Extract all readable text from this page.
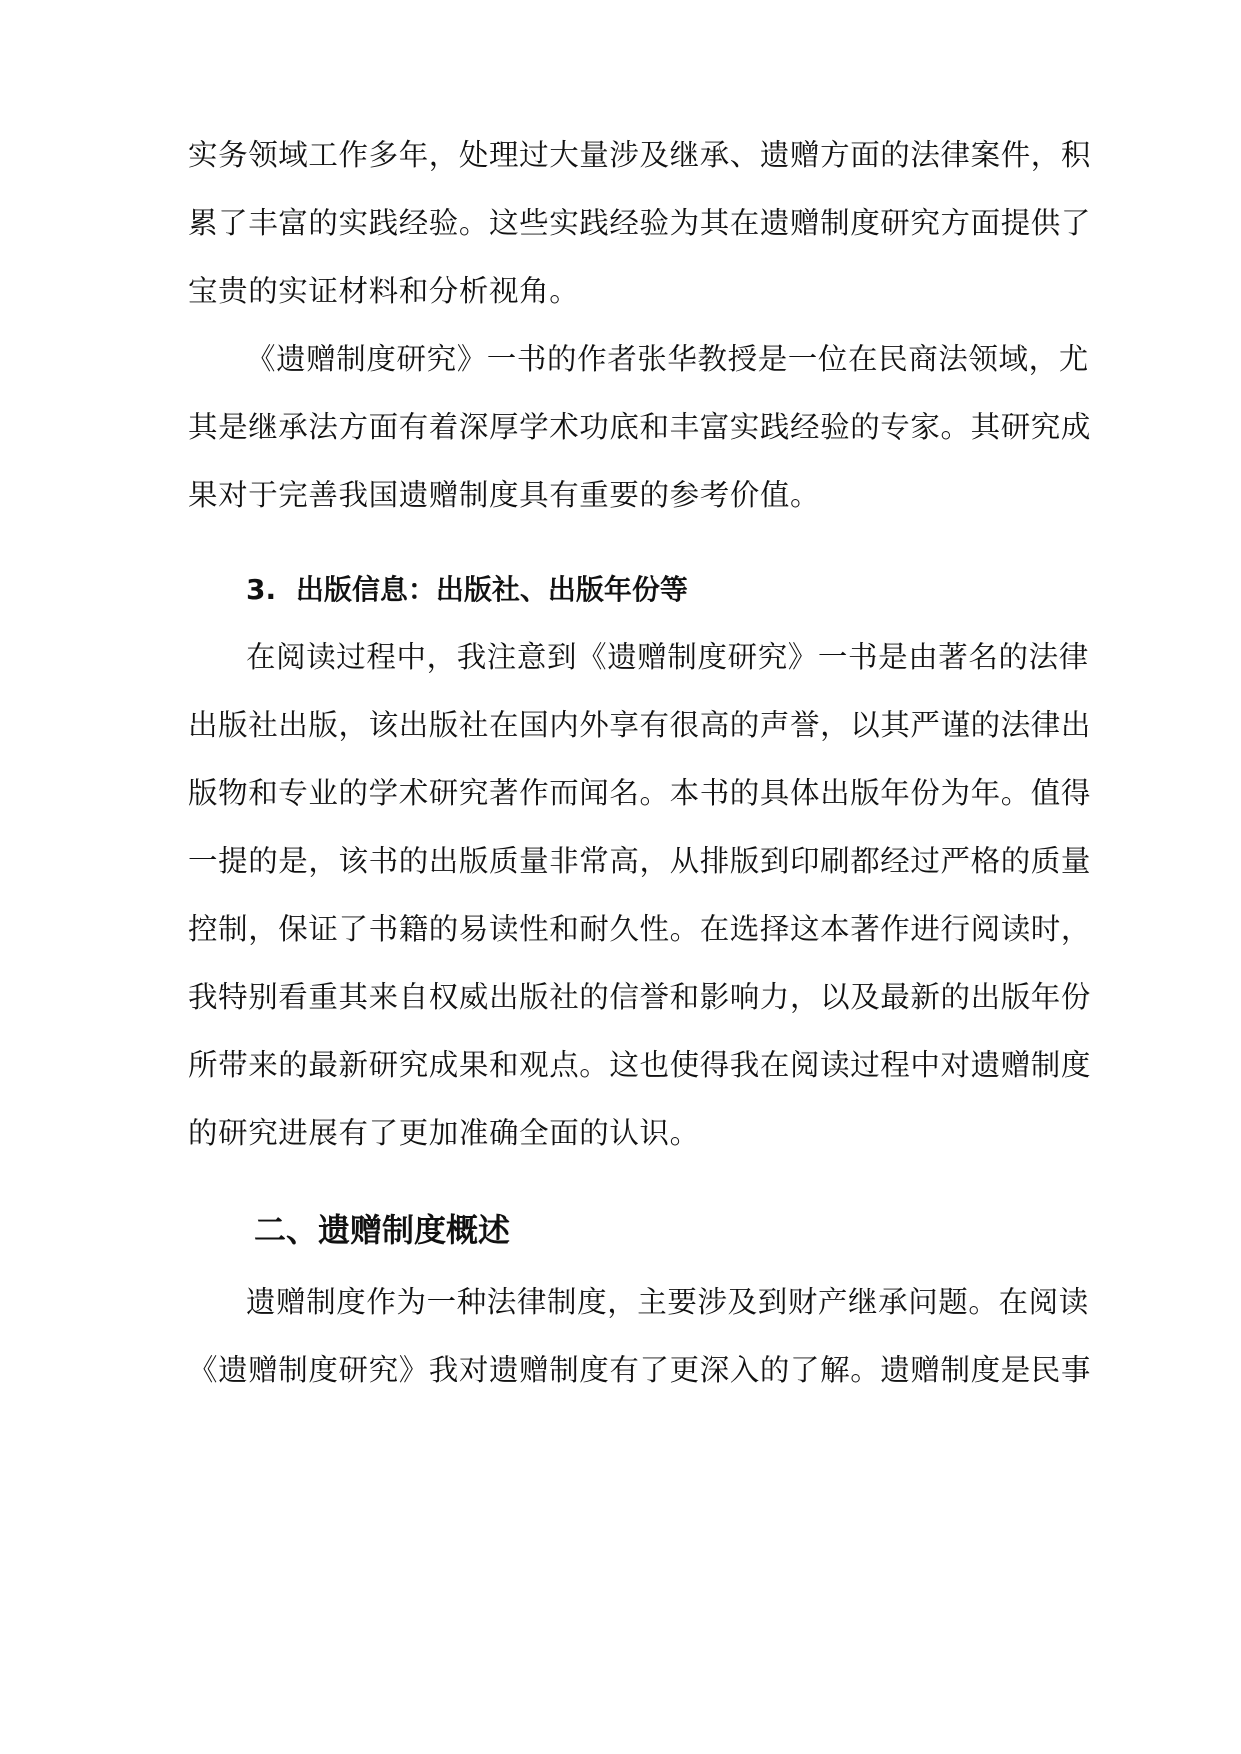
实务领域工作多年，处理过大量涉及继承、遗赠方面的法律案件，积
累了丰富的实践经验。这些实践经验为其在遗赠制度研究方面提供了
宝贵的实证材料和分析视角。
《遗赠制度研究》一书的作者张华教授是一位在民商法领域，尤
其是继承法方面有着深厚学术功底和丰富实践经验的专家。其研究成
果对于完善我国遗赠制度具有重要的参考价值。
3. 出版信息：出版社、出版年份等
在阅读过程中，我注意到《遗赠制度研究》一书是由著名的法律
出版社出版，该出版社在国内外享有很高的声誉，以其严谨的法律出
版物和专业的学术研究著作而闻名。本书的具体出版年份为年。值得
一提的是，该书的出版质量非常高，从排版到印刷都经过严格的质量
控制，保证了书籍的易读性和耐久性。在选择这本著作进行阅读时，
我特别看重其来自权威出版社的信誉和影响力，以及最新的出版年份
所带来的最新研究成果和观点。这也使得我在阅读过程中对遗赠制度
的研究进展有了更加准确全面的认识。
二、遗赠制度概述
遗赠制度作为一种法律制度，主要涉及到财产继承问题。在阅读
《遗赠制度研究》我对遗赠制度有了更深入的了解。遗赠制度是民事
